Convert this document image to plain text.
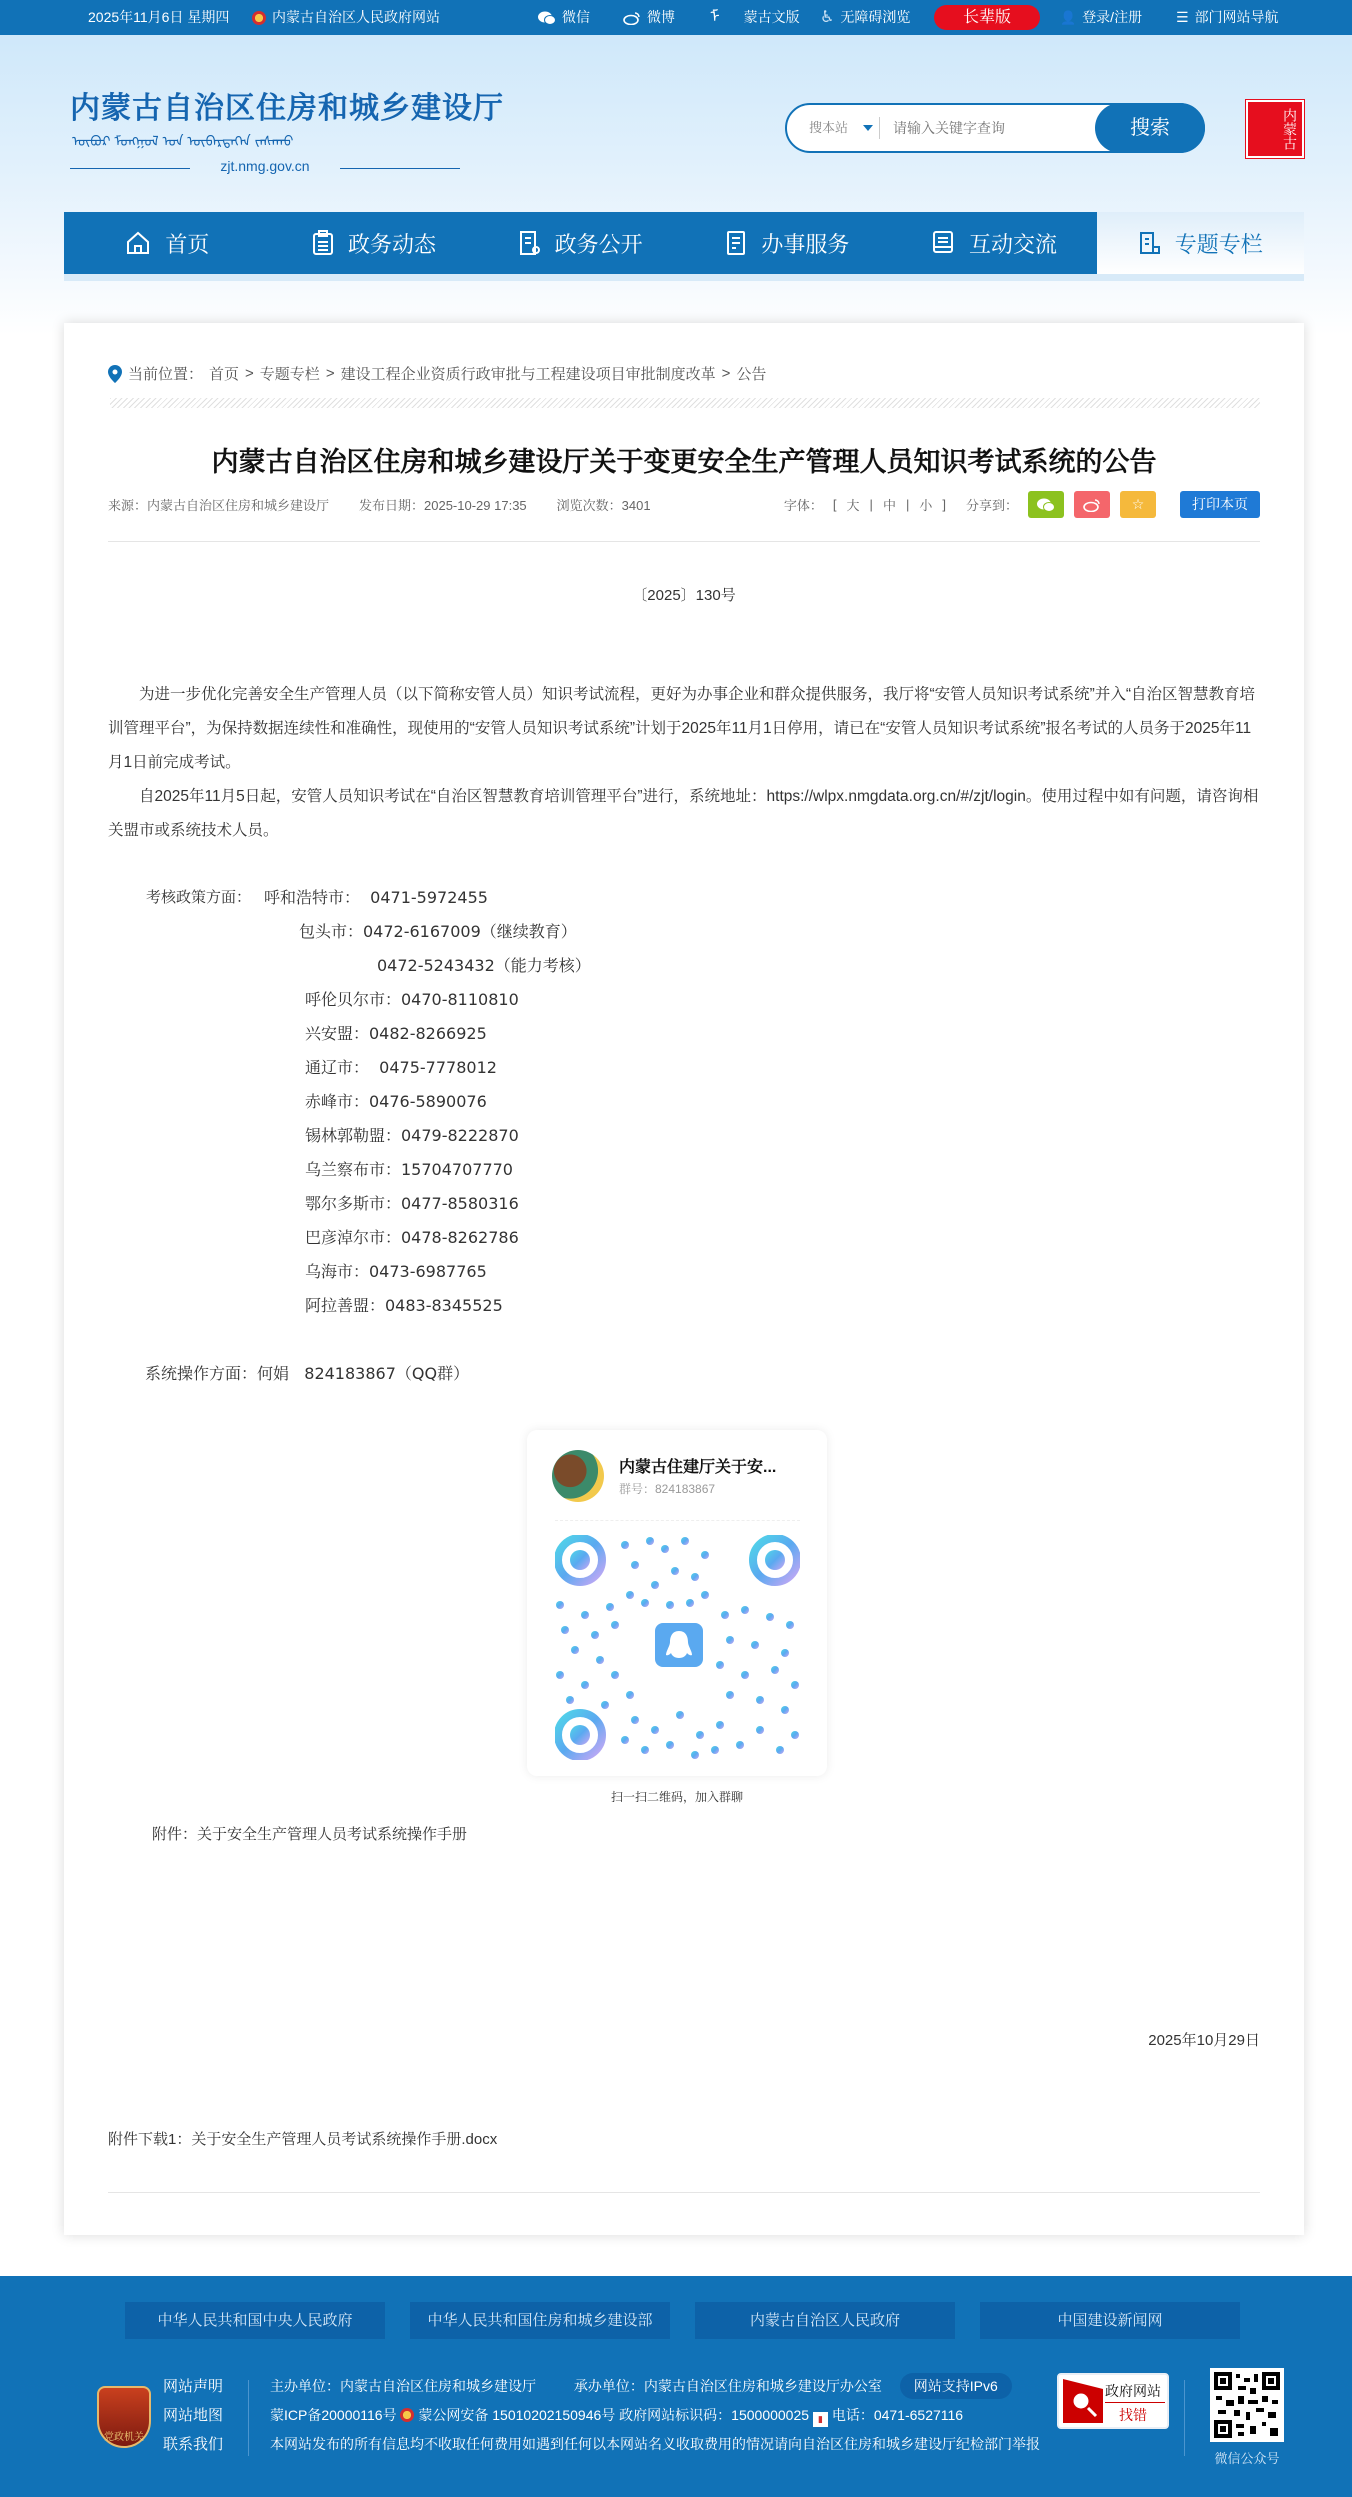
2025年11月6日 星期四	内蒙古自治区人民政府网站	微信	微博 ᠮ 蒙古文版 ♿ 无障碍浏览	长辈版	👤 登录/注册 ☰ 部门网站导航
内蒙古自治区住房和城乡建设厅
ᠥᠪᠥᠷ ᠮᠣᠩᠭᠣᠯ ᠤᠨ ᠥᠪᠡᠷᠲᠡᠭᠡᠨ ᠵᠠᠰᠠᠬᠤ
zjt.nmg.gov.cn
搜本站
请输入关键字查询	搜索	内蒙古
首页	政务动态	政务公开	办事服务	互动交流	专题专栏
当前位置： 首页 > 专题专栏 > 建设工程企业资质行政审批与工程建设项目审批制度改革 > 公告
内蒙古自治区住房和城乡建设厅关于变更安全生产管理人员知识考试系统的公告
来源：内蒙古自治区住房和城乡建设厅 发布日期：2025-10-29 17:35 浏览次数：3401	字体： [ 大 | 中 | 小 ] 分享到：	☆	打印本页
〔2025〕130号

为进一步优化完善安全生产管理人员（以下简称安管人员）知识考试流程，更好为办事企业和群众提供服务，我厅将“安管人员知识考试系统”并入“自治区智慧教育培训管理平台”，为保持数据连续性和准确性，现使用的“安管人员知识考试系统”计划于2025年11月1日停用，请已在“安管人员知识考试系统”报名考试的人员务于2025年11月1日前完成考试。

自2025年11月5日起，安管人员知识考试在“自治区智慧教育培训管理平台”进行，系统地址：https://wlpx.nmgdata.org.cn/#/zjt/login。使用过程中如有问题，请咨询相关盟市或系统技术人员。

考核政策方面： 呼和浩特市：  0471-5972455
包头市：0472-6167009（继续教育）
0472-5243432（能力考核）
呼伦贝尔市：0470-8110810
兴安盟：0482-8266925
通辽市：  0475-7778012
赤峰市：0476-5890076
锡林郭勒盟：0479-8222870
乌兰察布市：15704707770
鄂尔多斯市：0477-8580316
巴彦淖尔市：0478-8262786
乌海市：0473-6987765
阿拉善盟：0483-8345525
系统操作方面：何娟   824183867（QQ群）
内蒙古住建厅关于安...
群号：824183867
扫一扫二维码，加入群聊
附件：关于安全生产管理人员考试系统操作手册
2025年10月29日
附件下载1：关于安全生产管理人员考试系统操作手册.docx
中华人民共和国中央人民政府	中华人民共和国住房和城乡建设部	内蒙古自治区人民政府	中国建设新闻网
党政机关
网站声明
网站地图
联系我们
主办单位：内蒙古自治区住房和城乡建设厅	承办单位：内蒙古自治区住房和城乡建设厅办公室 网站支持IPv6
蒙ICP备20000116号 蒙公网安备 15010202150946号 政府网站标识码：1500000025 ▮ 电话：0471-6527116
本网站发布的所有信息均不收取任何费用如遇到任何以本网站名义收取费用的情况请向自治区住房和城乡建设厅纪检部门举报
政府网站
找错
微信公众号
